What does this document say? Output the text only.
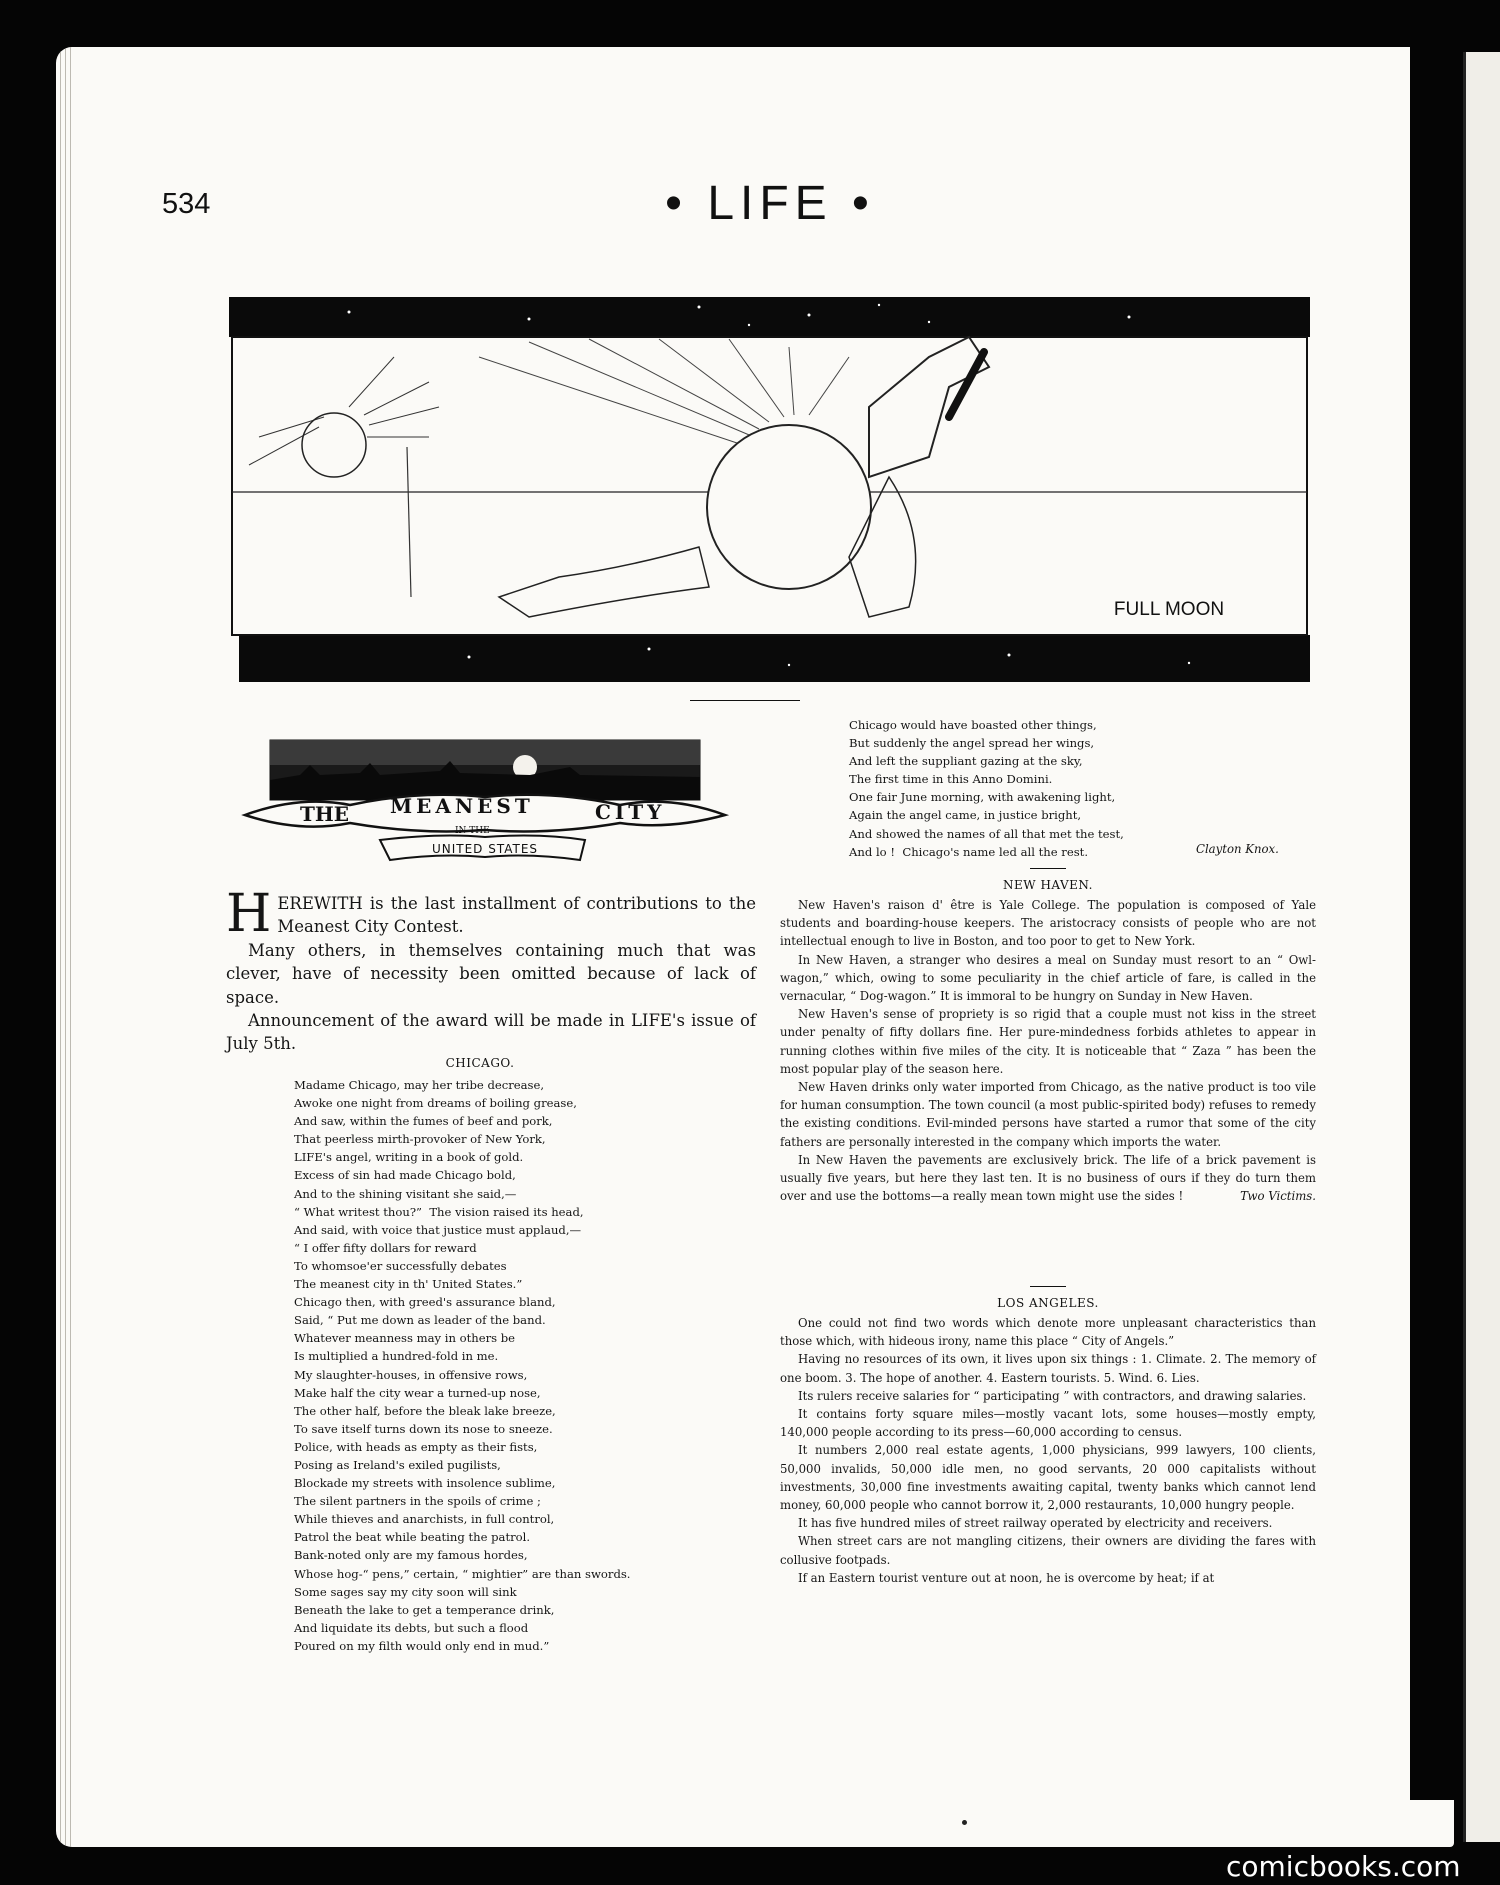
534	• LIFE •
FULL MOON
THE MEANEST
IN THE
CITY
UNITED STATES

HEREWITH is the last installment of contributions to the Meanest City Contest.

Many others, in themselves containing much that was clever, have of necessity been omitted because of lack of space.

Announcement of the award will be made in LIFE's issue of July 5th.

CHICAGO.
Madame Chicago, may her tribe decrease,
Awoke one night from dreams of boiling grease,
And saw, within the fumes of beef and pork,
That peerless mirth-provoker of New York,
LIFE's angel, writing in a book of gold.
Excess of sin had made Chicago bold,
And to the shining visitant she said,—
“ What writest thou?”  The vision raised its head,
And said, with voice that justice must applaud,—
“ I offer fifty dollars for reward
To whomsoe'er successfully debates
The meanest city in th' United States.”
Chicago then, with greed's assurance bland,
Said, “ Put me down as leader of the band.
Whatever meanness may in others be
Is multiplied a hundred-fold in me.
My slaughter-houses, in offensive rows,
Make half the city wear a turned-up nose,
The other half, before the bleak lake breeze,
To save itself turns down its nose to sneeze.
Police, with heads as empty as their fists,
Posing as Ireland's exiled pugilists,
Blockade my streets with insolence sublime,
The silent partners in the spoils of crime ;
While thieves and anarchists, in full control,
Patrol the beat while beating the patrol.
Bank-noted only are my famous hordes,
Whose hog-“ pens,” certain, “ mightier” are than swords.
Some sages say my city soon will sink
Beneath the lake to get a temperance drink,
And liquidate its debts, but such a flood
Poured on my filth would only end in mud.”
Chicago would have boasted other things,
But suddenly the angel spread her wings,
And left the suppliant gazing at the sky,
The first time in this Anno Domini.
One fair June morning, with awakening light,
Again the angel came, in justice bright,
And showed the names of all that met the test,
And lo !  Chicago's name led all the rest.	Clayton Knox.
NEW HAVEN.

New Haven's raison d' être is Yale College. The population is composed of Yale students and boarding-house keepers. The aristocracy consists of people who are not intellectual enough to live in Boston, and too poor to get to New York.

In New Haven, a stranger who desires a meal on Sunday must resort to an “ Owl-wagon,” which, owing to some peculiarity in the chief article of fare, is called in the vernacular, “ Dog-wagon.” It is immoral to be hungry on Sunday in New Haven.

New Haven's sense of propriety is so rigid that a couple must not kiss in the street under penalty of fifty dollars fine. Her pure-mindedness forbids athletes to appear in running clothes within five miles of the city. It is noticeable that “ Zaza ” has been the most popular play of the season here.

New Haven drinks only water imported from Chicago, as the native product is too vile for human consumption. The town council (a most public-spirited body) refuses to remedy the existing conditions. Evil-minded persons have started a rumor that some of the city fathers are personally interested in the company which imports the water.

In New Haven the pavements are exclusively brick. The life of a brick pavement is usually five years, but here they last ten. It is no business of ours if they do turn them over and use the bottoms—a really mean town might use the sides !	Two Victims.

LOS ANGELES.

One could not find two words which denote more unpleasant characteristics than those which, with hideous irony, name this place “ City of Angels.”

Having no resources of its own, it lives upon six things : 1. Climate. 2. The memory of one boom. 3. The hope of another. 4. Eastern tourists. 5. Wind. 6. Lies.

Its rulers receive salaries for “ participating ” with contractors, and drawing salaries.

It contains forty square miles—mostly vacant lots, some houses—mostly empty, 140,000 people according to its press—60,000 according to census.

It numbers 2,000 real estate agents, 1,000 physicians, 999 lawyers, 100 clients, 50,000 invalids, 50,000 idle men, no good servants, 20 000 capitalists without investments, 30,000 fine investments awaiting capital, twenty banks which cannot lend money, 60,000 people who cannot borrow it, 2,000 restaurants, 10,000 hungry people.

It has five hundred miles of street railway operated by electricity and receivers.

When street cars are not mangling citizens, their owners are dividing the fares with collusive footpads.

If an Eastern tourist venture out at noon, he is overcome by heat; if at

comicbooks.com
